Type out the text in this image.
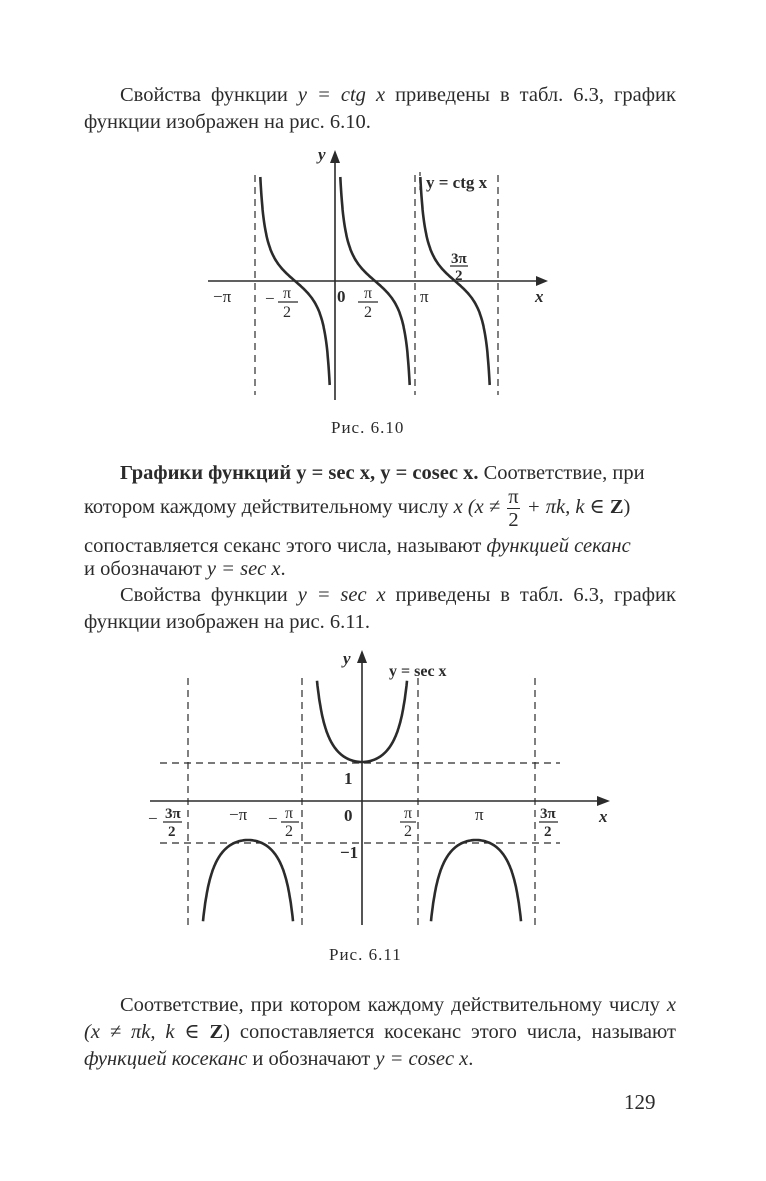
Свойства функции y = ctg x приведены в табл. 6.3, график функции изображен на рис. 6.10.

y
x
y = ctg x
−π − π
2
0 π
2
π
3π
2
Рис. 6.10
Графики функций y = sec x, y = cosec x. Соответствие, при
котором каждому действительному числу x ($x \ne \frac{\pi}{2} + \pi k$, k ∈ Z)
сопоставляется секанс этого числа, называют функцией секанс
и обозначают y = sec x.

Свойства функции y = sec x приведены в табл. 6.3, график функции изображен на рис. 6.11.

y
x
y = sec x
− 3π
2
−π − π
2
0
1
−1
π
2
π	3π
2
Рис. 6.11

Соответствие, при котором каждому действительному числу x (x ≠ πk, k ∈ Z) сопоставляется косеканс этого числа, называют функцией косеканс и обозначают y = cosec x.

129
